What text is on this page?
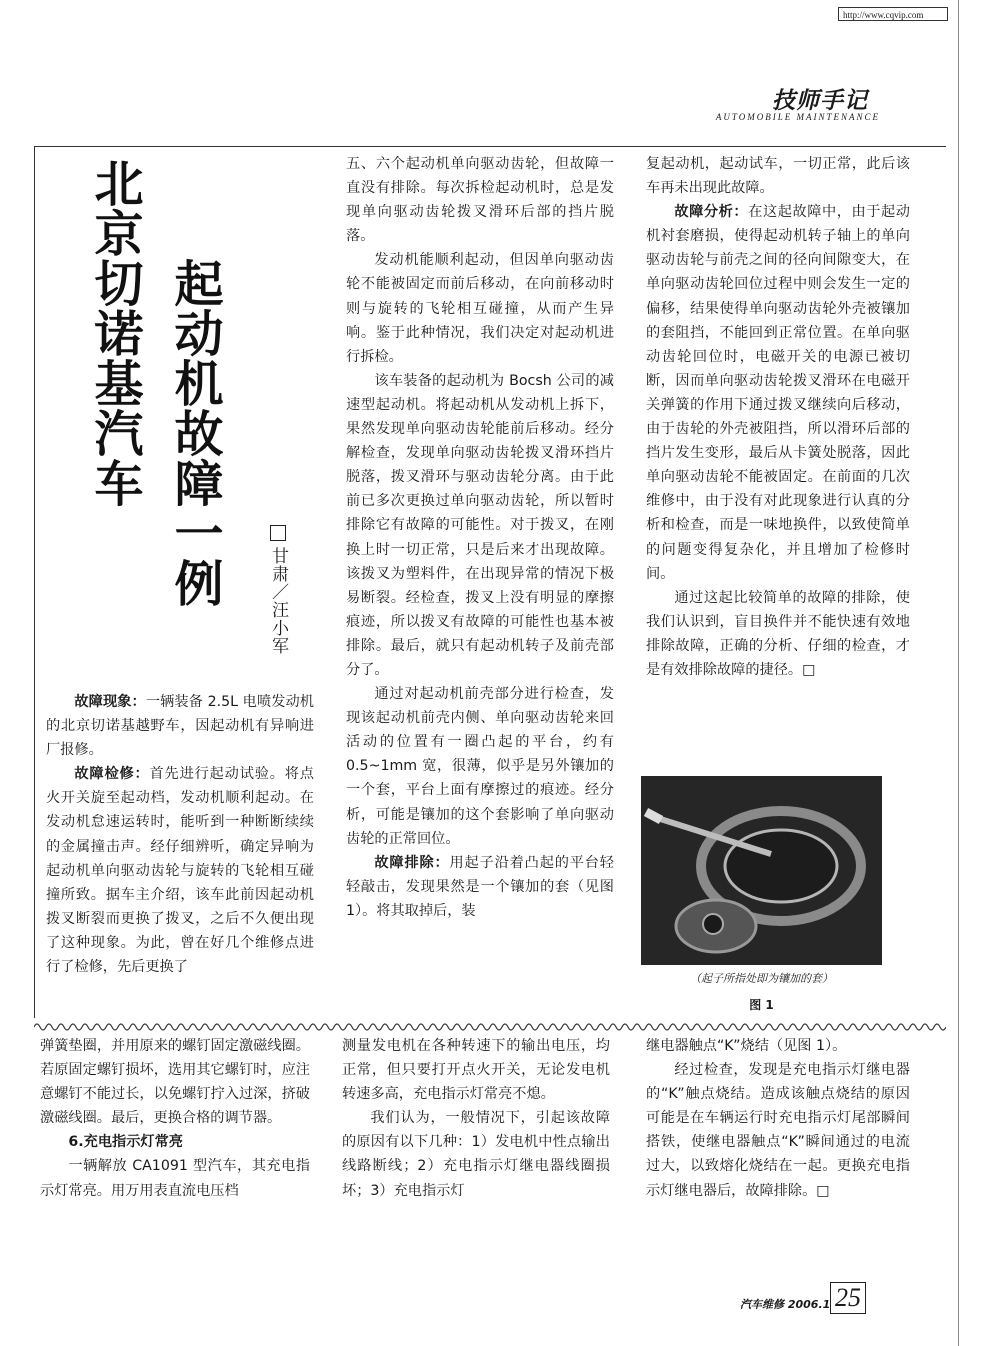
http://www.cqvip.com
技师手记
AUTOMOBILE MAINTENANCE
北京切诺基汽车 起动机故障一例	甘肃／汪小军

故障现象：一辆装备 2.5L 电喷发动机的北京切诺基越野车，因起动机有异响进厂报修。

故障检修：首先进行起动试验。将点火开关旋至起动档，发动机顺利起动。在发动机怠速运转时，能听到一种断断续续的金属撞击声。经仔细辨听，确定异响为起动机单向驱动齿轮与旋转的飞轮相互碰撞所致。据车主介绍，该车此前因起动机拨叉断裂而更换了拨叉，之后不久便出现了这种现象。为此，曾在好几个维修点进行了检修，先后更换了

五、六个起动机单向驱动齿轮，但故障一直没有排除。每次拆检起动机时，总是发现单向驱动齿轮拨叉滑环后部的挡片脱落。

发动机能顺利起动，但因单向驱动齿轮不能被固定而前后移动，在向前移动时则与旋转的飞轮相互碰撞，从而产生异响。鉴于此种情况，我们决定对起动机进行拆检。

该车装备的起动机为 Bocsh 公司的减速型起动机。将起动机从发动机上拆下，果然发现单向驱动齿轮能前后移动。经分解检查，发现单向驱动齿轮拨叉滑环挡片脱落，拨叉滑环与驱动齿轮分离。由于此前已多次更换过单向驱动齿轮，所以暂时排除它有故障的可能性。对于拨叉，在刚换上时一切正常，只是后来才出现故障。该拨叉为塑料件，在出现异常的情况下极易断裂。经检查，拨叉上没有明显的摩擦痕迹，所以拨叉有故障的可能性也基本被排除。最后，就只有起动机转子及前壳部分了。

通过对起动机前壳部分进行检查，发现该起动机前壳内侧、单向驱动齿轮来回活动的位置有一圈凸起的平台，约有 0.5~1mm 宽，很薄，似乎是另外镶加的一个套，平台上面有摩擦过的痕迹。经分析，可能是镶加的这个套影响了单向驱动齿轮的正常回位。

故障排除：用起子沿着凸起的平台轻轻敲击，发现果然是一个镶加的套（见图 1）。将其取掉后，装

复起动机，起动试车，一切正常，此后该车再未出现此故障。

故障分析：在这起故障中，由于起动机衬套磨损，使得起动机转子轴上的单向驱动齿轮与前壳之间的径向间隙变大，在单向驱动齿轮回位过程中则会发生一定的偏移，结果使得单向驱动齿轮外壳被镶加的套阻挡，不能回到正常位置。在单向驱动齿轮回位时，电磁开关的电源已被切断，因而单向驱动齿轮拨叉滑环在电磁开关弹簧的作用下通过拨叉继续向后移动，由于齿轮的外壳被阻挡，所以滑环后部的挡片发生变形，最后从卡簧处脱落，因此单向驱动齿轮不能被固定。在前面的几次维修中，由于没有对此现象进行认真的分析和检查，而是一味地换件，以致使简单的问题变得复杂化，并且增加了检修时间。

通过这起比较简单的故障的排除，使我们认识到，盲目换件并不能快速有效地排除故障，正确的分析、仔细的检查，才是有效排除故障的捷径。□

（起子所指处即为镶加的套）
图 1

弹簧垫圈，并用原来的螺钉固定激磁线圈。若原固定螺钉损坏，选用其它螺钉时，应注意螺钉不能过长，以免螺钉拧入过深，挤破激磁线圈。最后，更换合格的调节器。

6.充电指示灯常亮

一辆解放 CA1091 型汽车，其充电指示灯常亮。用万用表直流电压档

测量发电机在各种转速下的输出电压，均正常，但只要打开点火开关，无论发电机转速多高，充电指示灯常亮不熄。

我们认为，一般情况下，引起该故障的原因有以下几种：1）发电机中性点输出线路断线；2）充电指示灯继电器线圈损坏；3）充电指示灯

继电器触点“K”烧结（见图 1）。

经过检查，发现是充电指示灯继电器的“K”触点烧结。造成该触点烧结的原因可能是在车辆运行时充电指示灯尾部瞬间搭铁，使继电器触点“K”瞬间通过的电流过大，以致熔化烧结在一起。更换充电指示灯继电器后，故障排除。□

汽车维修 2006.1 25
